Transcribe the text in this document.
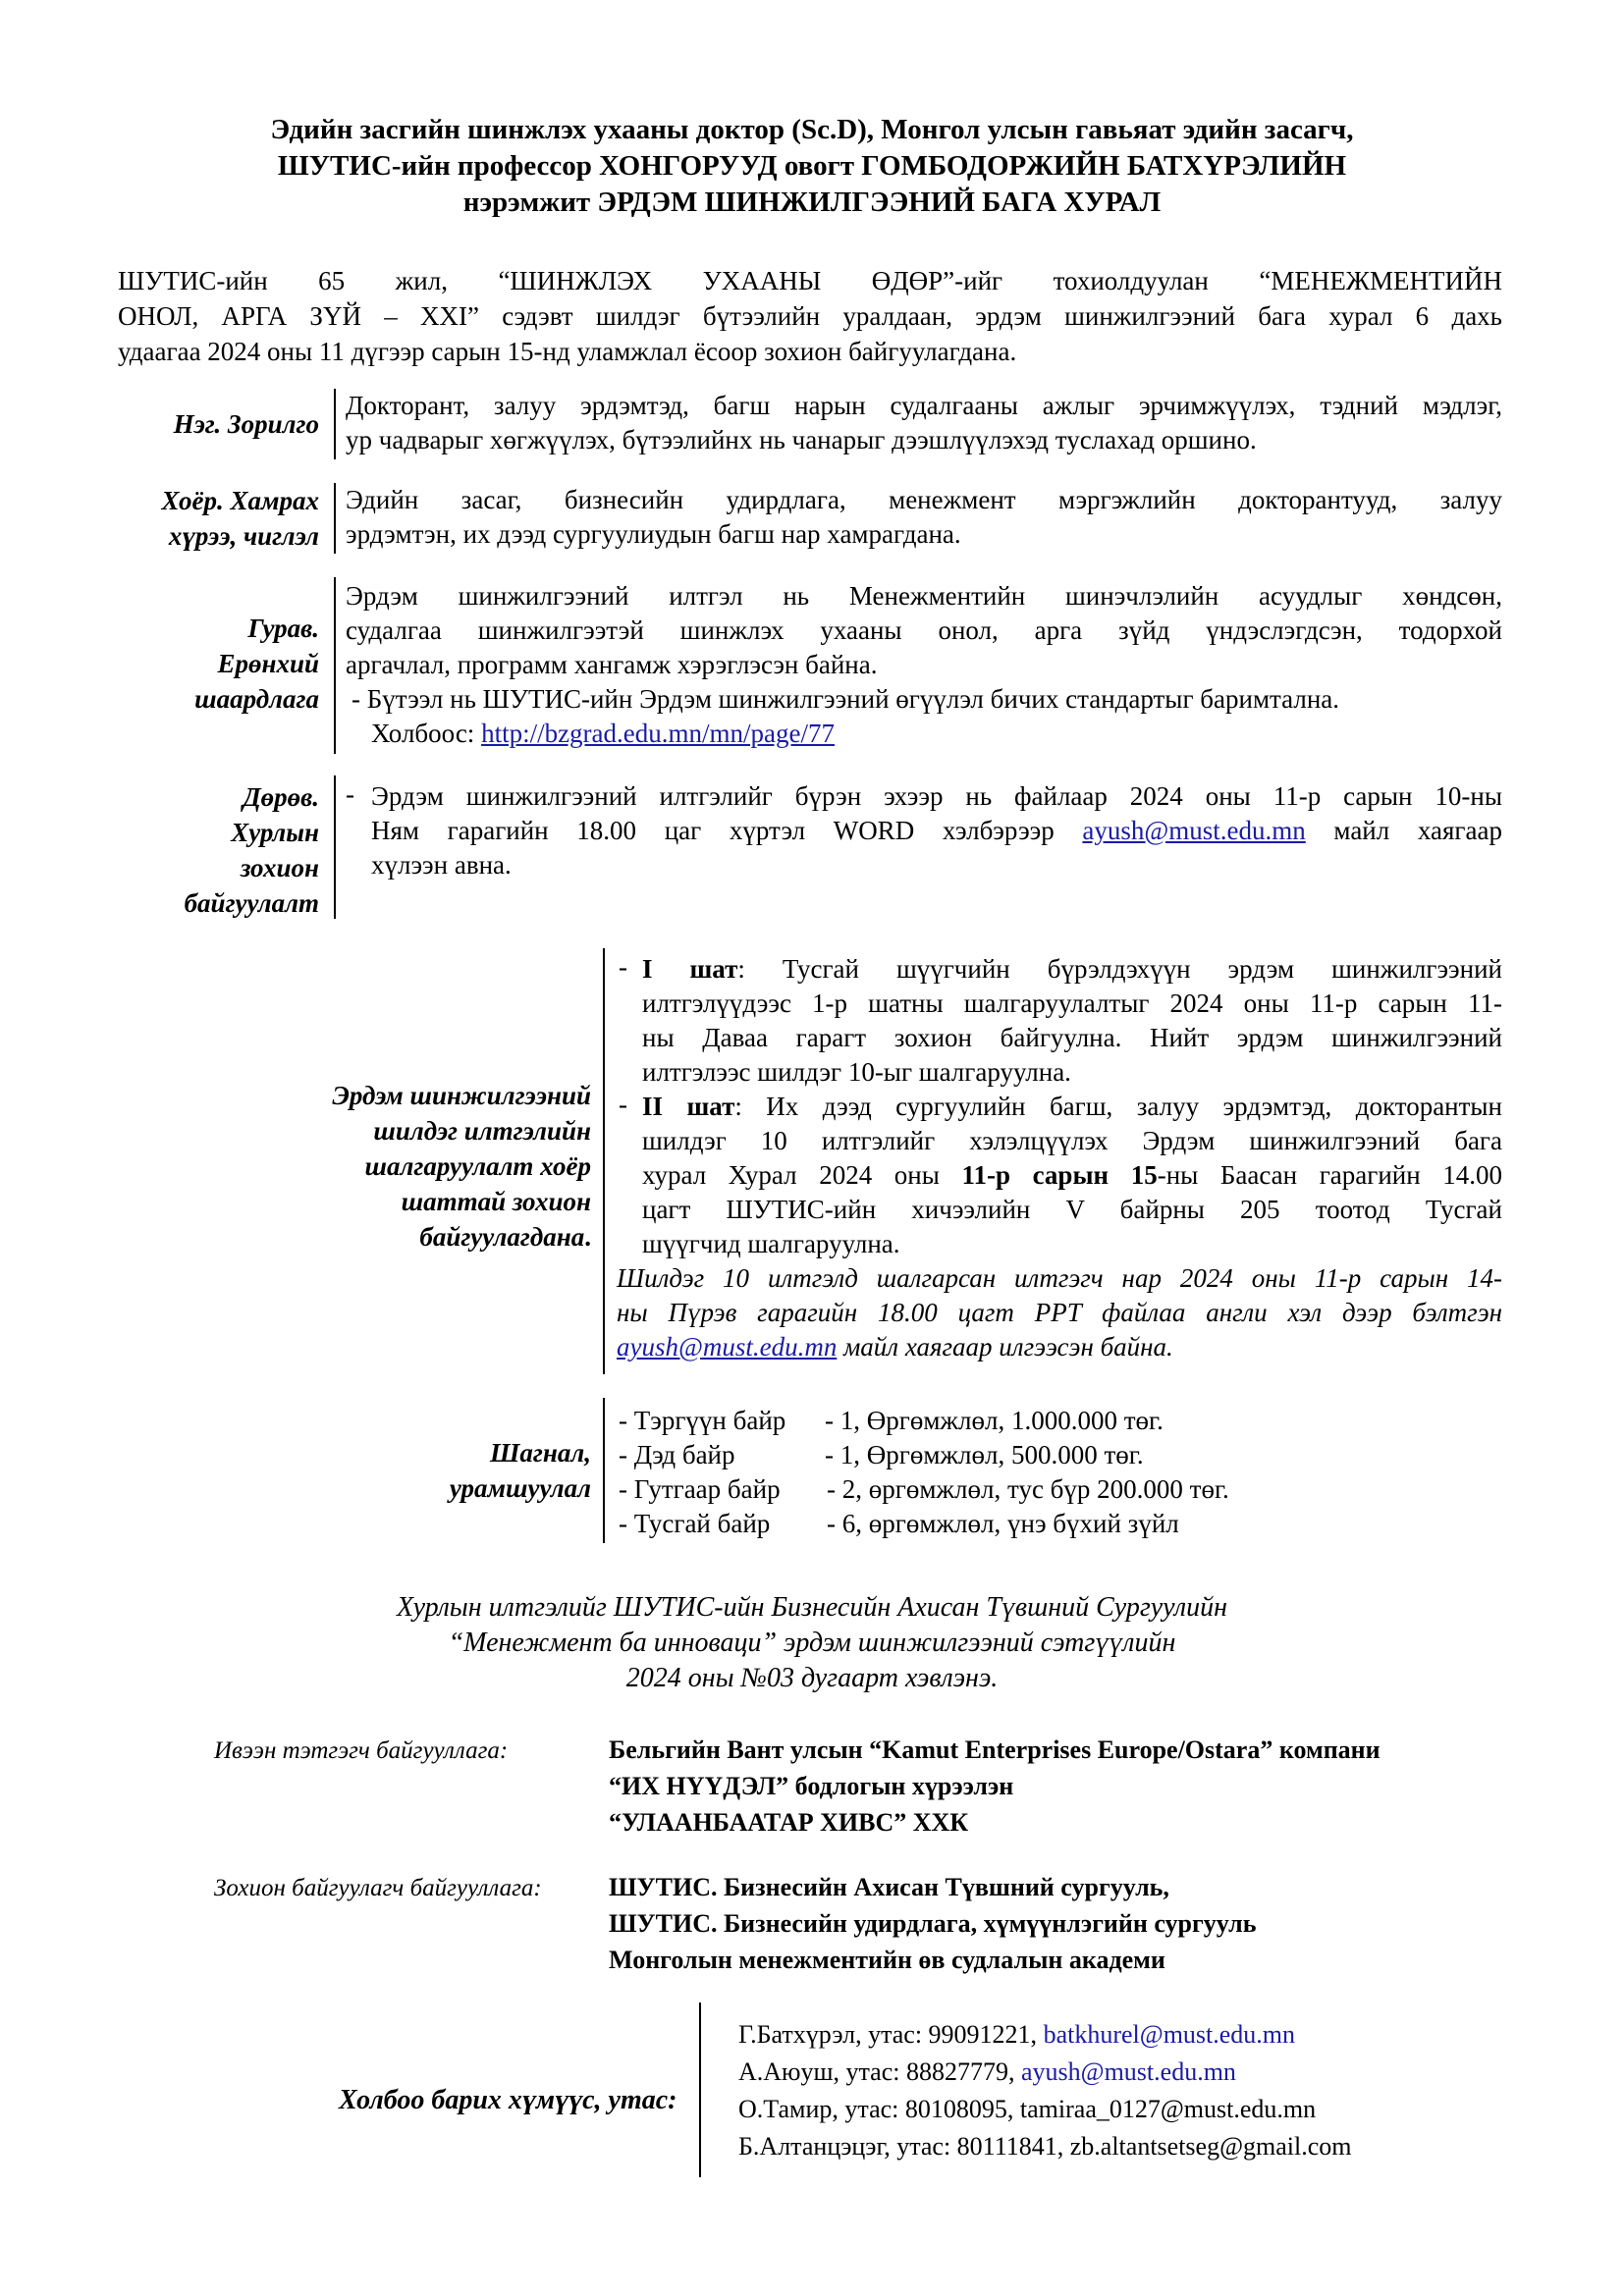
Эдийн засгийн шинжлэх ухааны доктор (Sc.D), Монгол улсын гавьяат эдийн засагч,
ШУТИС-ийн профессор ХОНГОРУУД овогт ГОМБОДОРЖИЙН БАТХҮРЭЛИЙН
нэрэмжит ЭРДЭМ ШИНЖИЛГЭЭНИЙ БАГА ХУРАЛ
ШУТИС-ийн 65 жил, “ШИНЖЛЭХ УХААНЫ ӨДӨР”-ийг тохиолдуулан “МЕНЕЖМЕНТИЙН
ОНОЛ, АРГА ЗҮЙ – XXI” сэдэвт шилдэг бүтээлийн уралдаан, эрдэм шинжилгээний бага хурал 6 дахь
удаагаа 2024 оны 11 дүгээр сарын 15-нд уламжлал ёсоор зохион байгуулагдана.
Нэг. Зорилго
Докторант, залуу эрдэмтэд, багш нарын судалгааны ажлыг эрчимжүүлэх, тэдний мэдлэг,
ур чадварыг хөгжүүлэх, бүтээлийнх нь чанарыг дээшлүүлэхэд туслахад оршино.
Хоёр. Хамрах
хүрээ, чиглэл
Эдийн засаг, бизнесийн удирдлага, менежмент мэргэжлийн докторантууд, залуу
эрдэмтэн, их дээд сургуулиудын багш нар хамрагдана.
Гурав.
Ерөнхий
шаардлага
Эрдэм шинжилгээний илтгэл нь Менежментийн шинэчлэлийн асуудлыг хөндсөн,
судалгаа шинжилгээтэй шинжлэх ухааны онол, арга зүйд үндэслэгдсэн, тодорхой
аргачлал, программ хангамж хэрэглэсэн байна.
- Бүтээл нь ШУТИС-ийн Эрдэм шинжилгээний өгүүлэл бичих стандартыг баримтална.
Холбоос: http://bzgrad.edu.mn/mn/page/77
Дөрөв.
Хурлын
зохион
байгуулалт
- Эрдэм шинжилгээний илтгэлийг бүрэн эхээр нь файлаар 2024 оны 11-р сарын 10-ны
Ням гарагийн 18.00 цаг хүртэл WORD хэлбэрээр ayush@must.edu.mn майл хаягаар
хүлээн авна.
Эрдэм шинжилгээний
шилдэг илтгэлийн
шалгаруулалт хоёр
шаттай зохион
байгуулагдана.
- I шат: Тусгай шүүгчийн бүрэлдэхүүн эрдэм шинжилгээний
илтгэлүүдээс 1-р шатны шалгаруулалтыг 2024 оны 11-р сарын 11-
ны Даваа гарагт зохион байгуулна. Нийт эрдэм шинжилгээний
илтгэлээс шилдэг 10-ыг шалгаруулна.
- II шат: Их дээд сургуулийн багш, залуу эрдэмтэд, докторантын
шилдэг 10 илтгэлийг хэлэлцүүлэх Эрдэм шинжилгээний бага
хурал Хурал 2024 оны 11-р сарын 15-ны Баасан гарагийн 14.00
цагт ШУТИС-ийн хичээлийн V байрны 205 тоотод Тусгай
шүүгчид шалгаруулна.
Шилдэг 10 илтгэлд шалгарсан илтгэгч нар 2024 оны 11-р сарын 14-
ны Пүрэв гарагийн 18.00 цагт PPT файлаа англи хэл дээр бэлтгэн
ayush@must.edu.mn майл хаягаар илгээсэн байна.
Шагнал,
урамшуулал
- Тэргүүн байр - 1, Өргөмжлөл, 1.000.000 төг.
- Дэд байр	- 1, Өргөмжлөл, 500.000 төг.
- Гутгаар байр - 2, өргөмжлөл, тус бүр 200.000 төг.
- Тусгай байр - 6, өргөмжлөл, үнэ бүхий зүйл
Хурлын илтгэлийг ШУТИС-ийн Бизнесийн Ахисан Түвшний Сургуулийн
“Менежмент ба инноваци” эрдэм шинжилгээний сэтгүүлийн
2024 оны №03 дугаарт хэвлэнэ.
Ивээн тэтгэгч байгууллага:	Бельгийн Вант улсын “Kamut Enterprises Europe/Ostara” компани
“ИХ НҮҮДЭЛ” бодлогын хүрээлэн
“УЛААНБААТАР ХИВС” ХХК
Зохион байгуулагч байгууллага:	ШУТИС. Бизнесийн Ахисан Түвшний сургууль,
ШУТИС. Бизнесийн удирдлага, хүмүүнлэгийн сургууль
Монголын менежментийн өв судлалын академи
Холбоо барих хүмүүс, утас:
Г.Батхүрэл, утас: 99091221, batkhurel@must.edu.mn
А.Аюуш, утас: 88827779, ayush@must.edu.mn
О.Тамир, утас: 80108095, tamiraa_0127@must.edu.mn
Б.Алтанцэцэг, утас: 80111841, zb.altantsetseg@gmail.com
